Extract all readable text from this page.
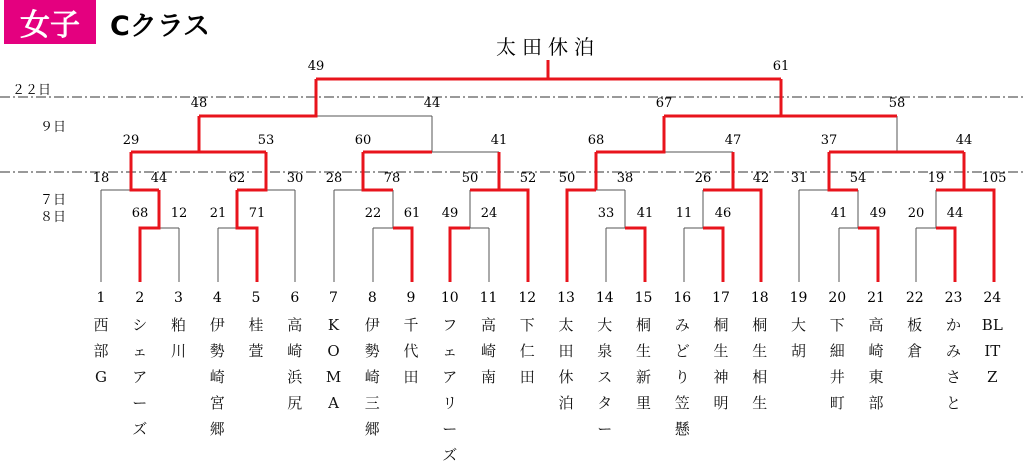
女子	Cクラス
２２日
９日
７日
８日
太田休泊
49	61
48	44	67	58
29	53	60	41	68	47	37	44
18	44	62	30 28	78	50	52 50	38	26	42 31	54	19	105
68 12 21 71	22 61 49 24	33 41 11 46	41 49 20 44
1 2 3 4 5 6 7 8 9 10 11 12 13 14 15 16 17 18 19 20 21 22 23 24
西部G
シェアーズ
粕川
伊勢崎宮郷
桂萱
高崎浜尻
KOMA
伊勢崎三郷
千代田
フェアリーズ
高崎南
下仁田
太田休泊
大泉スター
桐生新里
みどり笠懸
桐生神明
桐生相生
大胡
下細井町
高崎東部
板倉
かみさと
BLITZ
